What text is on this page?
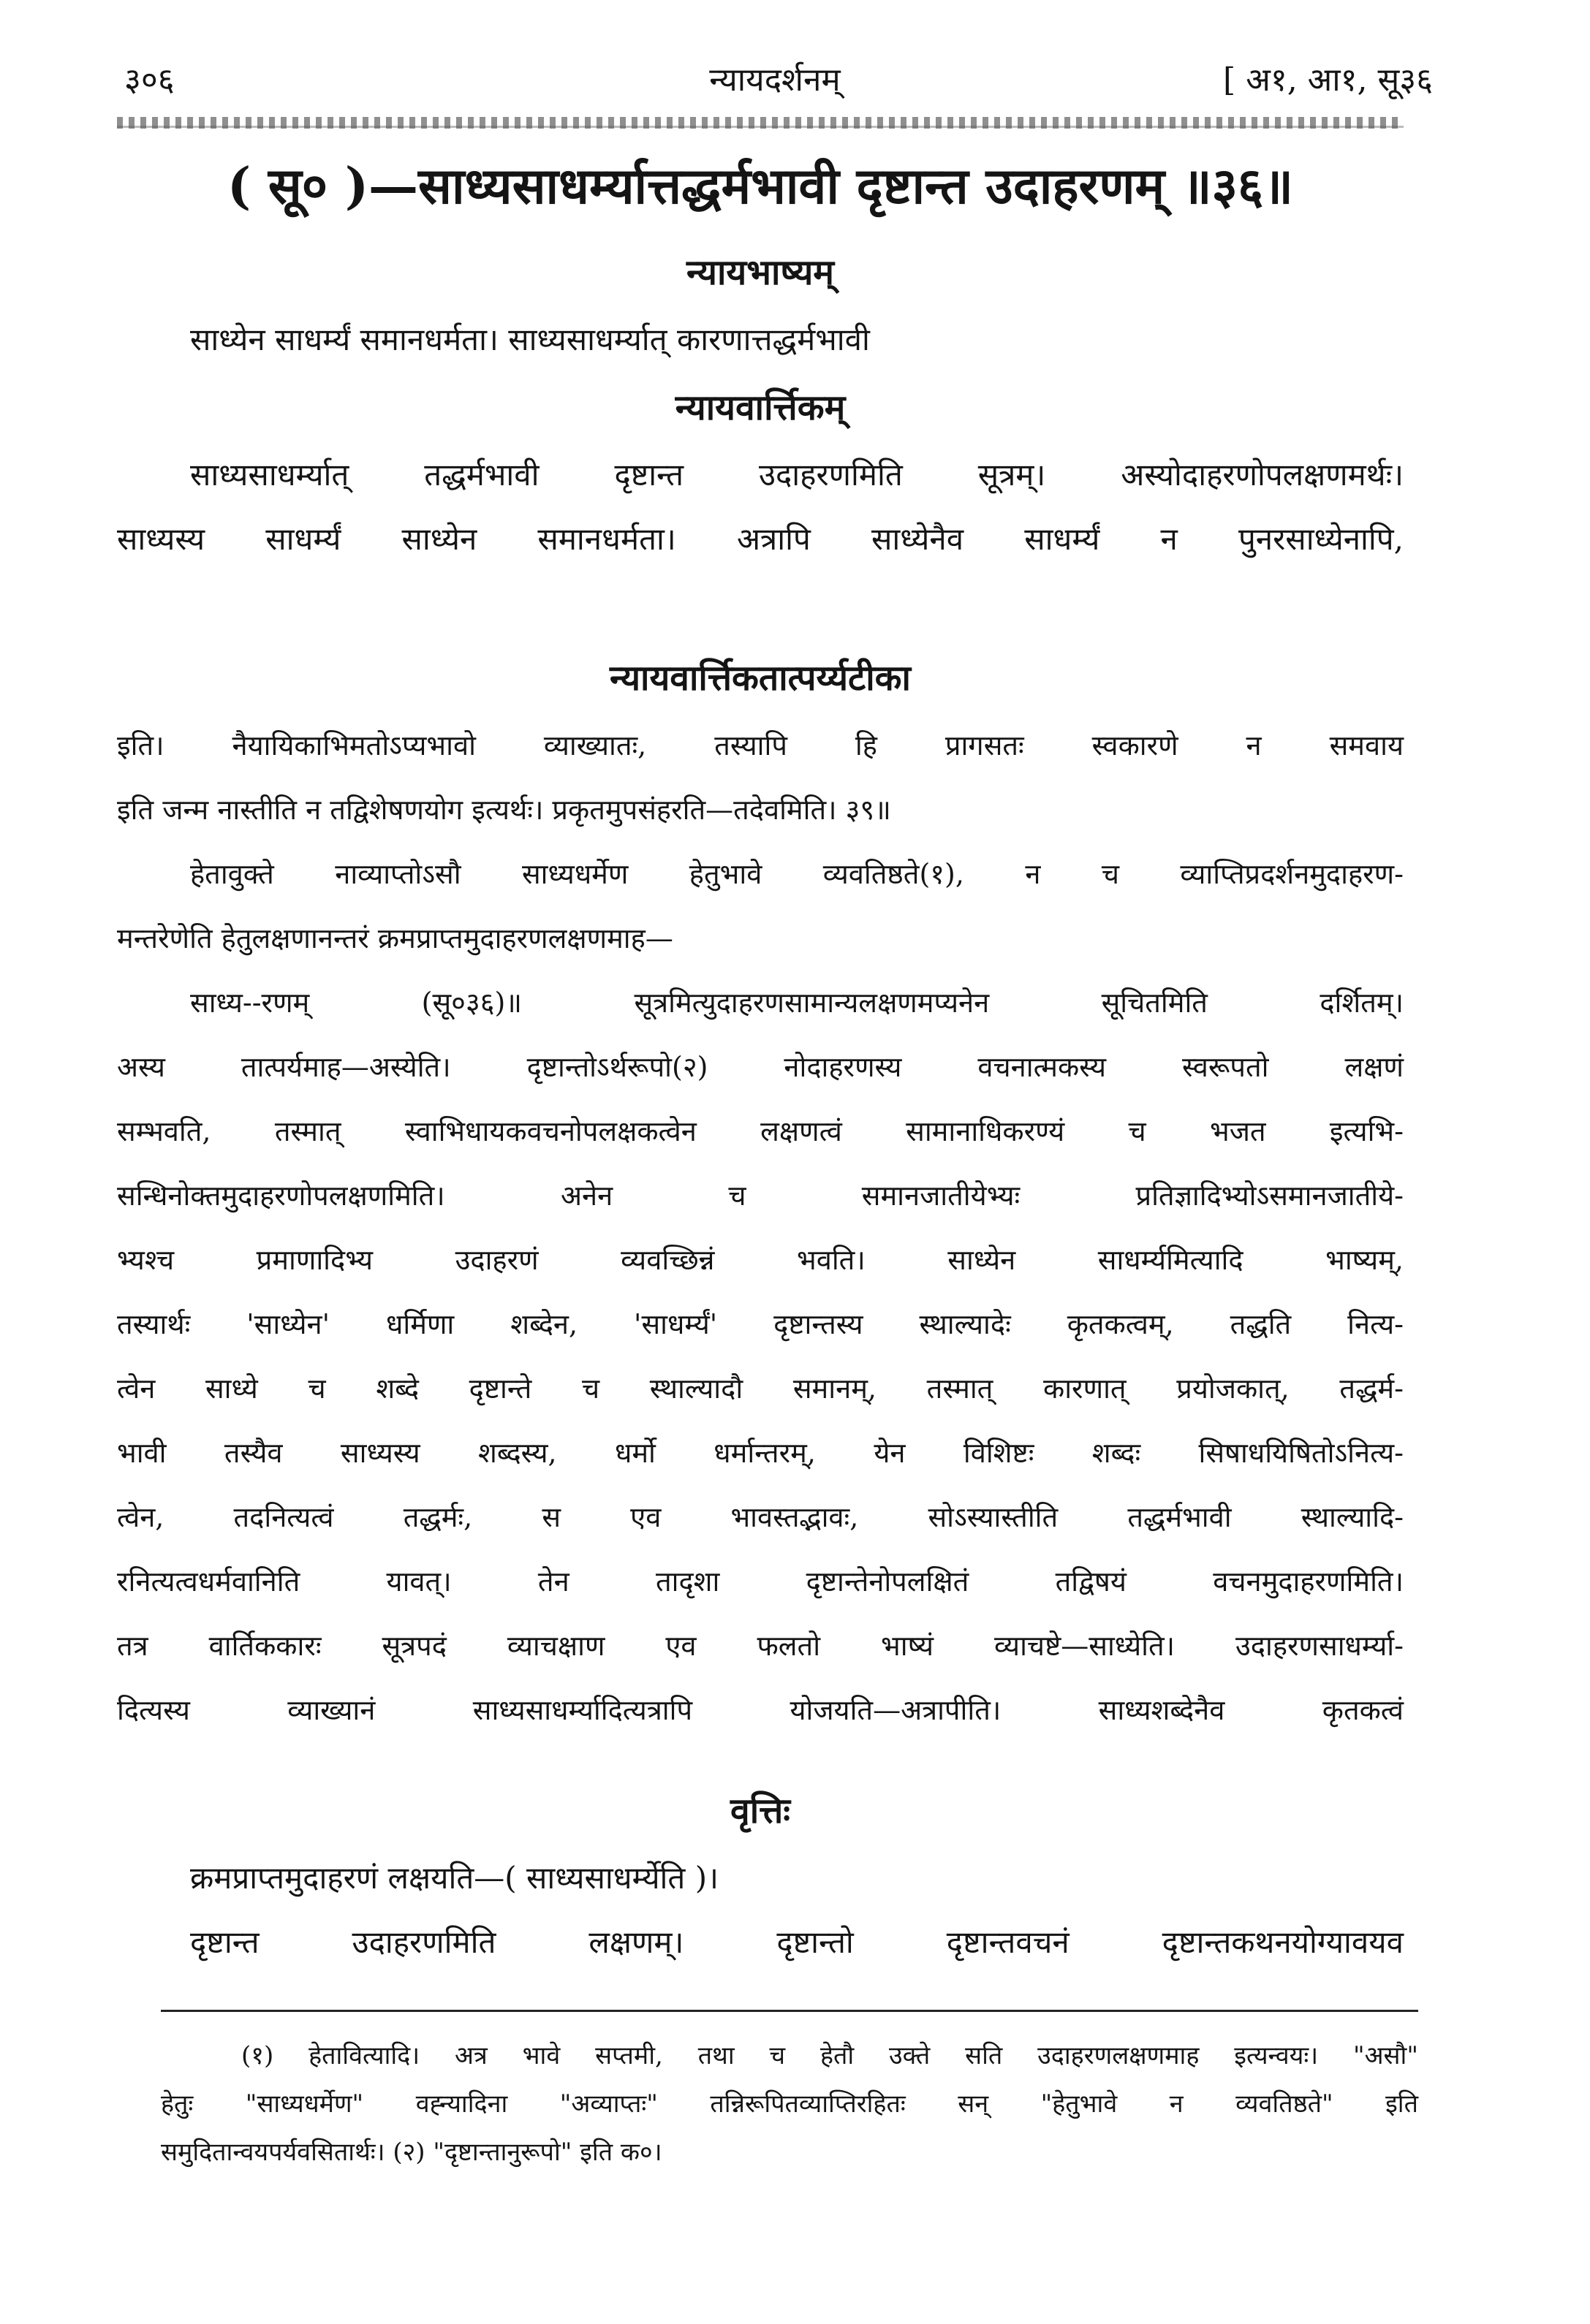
३०६	न्यायदर्शनम्	[ अ१, आ१, सू३६
( सू० )—साध्यसाधर्म्यात्तद्धर्मभावी दृष्टान्त उदाहरणम् ॥३६॥
न्यायभाष्यम्
साध्येन साधर्म्यं समानधर्मता। साध्यसाधर्म्यात् कारणात्तद्धर्मभावी
न्यायवार्त्तिकम्
साध्यसाधर्म्यात् तद्धर्मभावी दृष्टान्त उदाहरणमिति सूत्रम्। अस्योदाहरणोपलक्षणमर्थः।
साध्यस्य साधर्म्यं साध्येन समानधर्मता। अत्रापि साध्येनैव साधर्म्यं न पुनरसाध्येनापि,
न्यायवार्त्तिकतात्पर्य्यटीका
इति। नैयायिकाभिमतोऽप्यभावो व्याख्यातः, तस्यापि हि प्रागसतः स्वकारणे न समवाय
इति जन्म नास्तीति न तद्विशेषणयोग इत्यर्थः। प्रकृतमुपसंहरति—तदेवमिति। ३९॥
हेतावुक्ते नाव्याप्तोऽसौ साध्यधर्मेण हेतुभावे व्यवतिष्ठते(१), न च व्याप्तिप्रदर्शनमुदाहरण-
मन्तरेणेति हेतुलक्षणानन्तरं क्रमप्राप्तमुदाहरणलक्षणमाह—
साध्य--रणम् (सू०३६)॥ सूत्रमित्युदाहरणसामान्यलक्षणमप्यनेन सूचितमिति दर्शितम्।
अस्य तात्पर्यमाह—अस्येति। दृष्टान्तोऽर्थरूपो(२) नोदाहरणस्य वचनात्मकस्य स्वरूपतो लक्षणं
सम्भवति, तस्मात् स्वाभिधायकवचनोपलक्षकत्वेन लक्षणत्वं सामानाधिकरण्यं च भजत इत्यभि-
सन्धिनोक्तमुदाहरणोपलक्षणमिति। अनेन च समानजातीयेभ्यः प्रतिज्ञादिभ्योऽसमानजातीये-
भ्यश्च प्रमाणादिभ्य उदाहरणं व्यवच्छिन्नं भवति। साध्येन साधर्म्यमित्यादि भाष्यम्,
तस्यार्थः 'साध्येन' धर्मिणा शब्देन, 'साधर्म्यं' दृष्टान्तस्य स्थाल्यादेः कृतकत्वम्, तद्धति नित्य-
त्वेन साध्ये च शब्दे दृष्टान्ते च स्थाल्यादौ समानम्, तस्मात् कारणात् प्रयोजकात्, तद्धर्म-
भावी तस्यैव साध्यस्य शब्दस्य, धर्मो धर्मान्तरम्, येन विशिष्टः शब्दः सिषाधयिषितोऽनित्य-
त्वेन, तदनित्यत्वं तद्धर्मः, स एव भावस्तद्भावः, सोऽस्यास्तीति तद्धर्मभावी स्थाल्यादि-
रनित्यत्वधर्मवानिति यावत्। तेन तादृशा दृष्टान्तेनोपलक्षितं तद्विषयं वचनमुदाहरणमिति।
तत्र वार्तिककारः सूत्रपदं व्याचक्षाण एव फलतो भाष्यं व्याचष्टे—साध्येति। उदाहरणसाधर्म्या-
दित्यस्य व्याख्यानं साध्यसाधर्म्यादित्यत्रापि योजयति—अत्रापीति। साध्यशब्देनैव कृतकत्वं
वृत्तिः
क्रमप्राप्तमुदाहरणं लक्षयति—( साध्यसाधर्म्येति )।
दृष्टान्त उदाहरणमिति लक्षणम्। दृष्टान्तो दृष्टान्तवचनं दृष्टान्तकथनयोग्यावयव
(१) हेतावित्यादि। अत्र भावे सप्तमी, तथा च हेतौ उक्ते सति उदाहरणलक्षणमाह इत्यन्वयः। "असौ"
हेतुः "साध्यधर्मेण" वह्न्यादिना "अव्याप्तः" तन्निरूपितव्याप्तिरहितः सन् "हेतुभावे न व्यवतिष्ठते" इति
समुदितान्वयपर्यवसितार्थः। (२) "दृष्टान्तानुरूपो" इति क०।
